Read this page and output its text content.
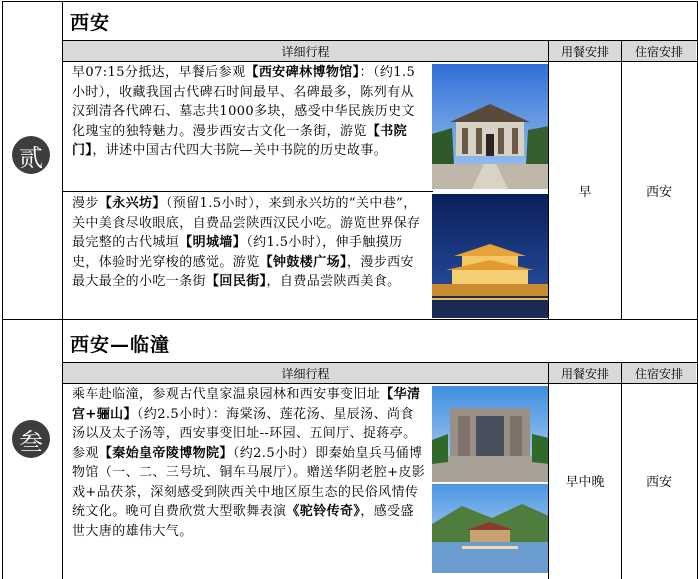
西安
详细行程	用餐安排	住宿安排
贰
早07:15分抵达，早餐后参观【西安碑林博物馆】：（约1.5小时），收藏我国古代碑石时间最早、名碑最多，陈列有从汉到清各代碑石、墓志共1000多块，感受中华民族历史文化瑰宝的独特魅力。漫步西安古文化一条街，游览【书院门】，讲述中国古代四大书院—关中书院的历史故事。
漫步【永兴坊】（预留1.5小时），来到永兴坊的“关中巷”，关中美食尽收眼底，自费品尝陕西汉民小吃。游览世界保存最完整的古代城垣【明城墙】（约1.5小时），伸手触摸历史，体验时光穿梭的感觉。游览【钟鼓楼广场】，漫步西安最大最全的小吃一条街【回民街】，自费品尝陕西美食。
早	西安
西安—临潼
详细行程	用餐安排	住宿安排
叁
乘车赴临潼，参观古代皇家温泉园林和西安事变旧址【华清宫+骊山】（约2.5小时）：海棠汤、莲花汤、星辰汤、尚食汤以及太子汤等，西安事变旧址--环园、五间厅、捉蒋亭。参观【秦始皇帝陵博物院】（约2.5小时）即秦始皇兵马俑博物馆（一、二、三号坑、铜车马展厅）。赠送华阴老腔+皮影戏+品茯茶，深刻感受到陕西关中地区原生态的民俗风情传统文化。晚可自费欣赏大型歌舞表演《驼铃传奇》，感受盛世大唐的雄伟大气。
早中晚	西安
